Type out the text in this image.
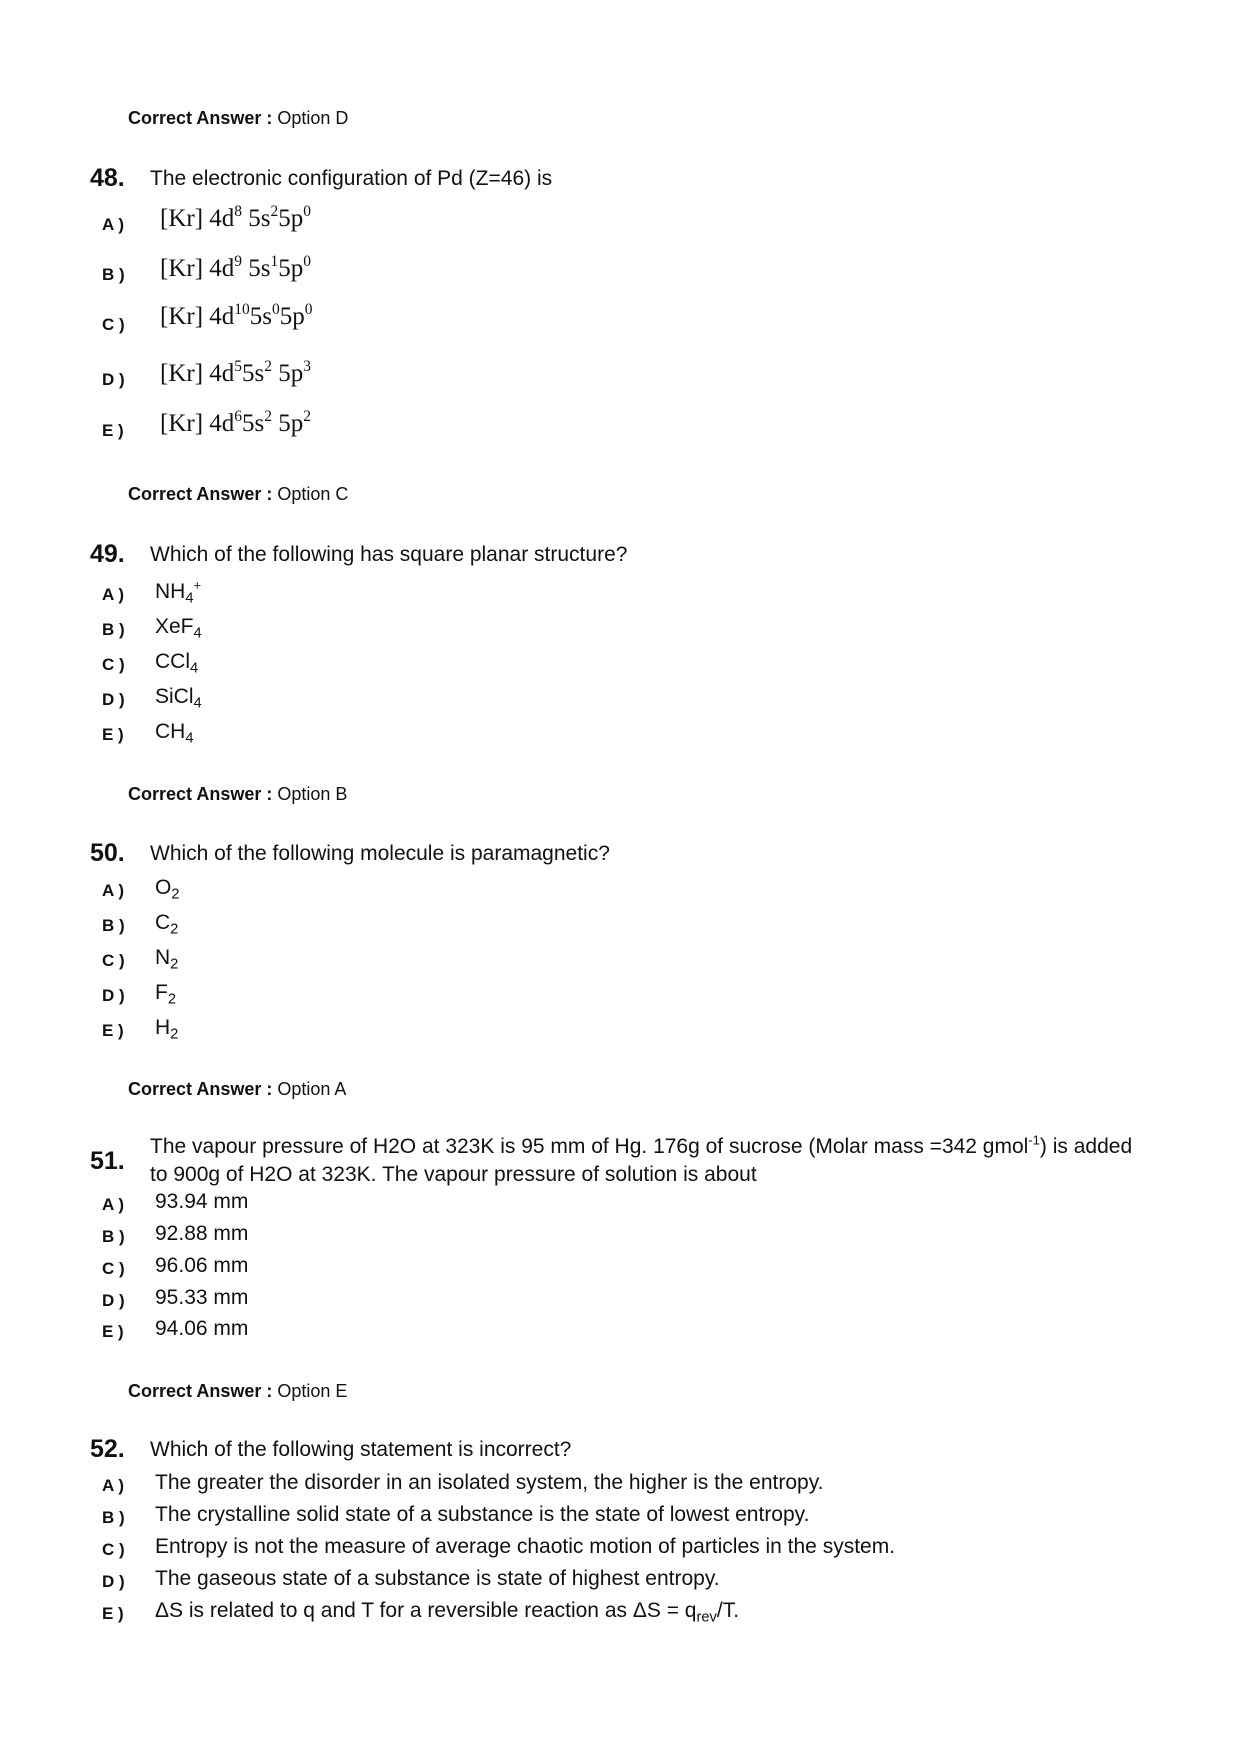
Correct Answer : Option D
48. The electronic configuration of Pd (Z=46) is
A ) [Kr] $4d^8$ $5s^25p^0$
B ) [Kr] $4d^9$ $5s^15p^0$
C ) [Kr] $4d^{10}5s^05p^0$
D ) [Kr] $4d^55s^2$ $5p^3$
E ) [Kr] $4d^65s^2$ $5p^2$
Correct Answer : Option C
49. Which of the following has square planar structure?
A ) $NH_4^+$
B ) XeF$_4$
C ) CCl$_4$
D ) SiCl$_4$
E ) $CH_4$
Correct Answer : Option B
50. Which of the following molecule is paramagnetic?
A ) $O_2$
B ) $C_2$
C ) $N_2$
D ) $F_2$
E ) $H_2$
Correct Answer : Option A
51.
The vapour pressure of H2O at 323K is 95 mm of Hg. 176g of sucrose (Molar mass =342 gmol$^{-1}$) is added to 900g of H2O at 323K. The vapour pressure of solution is about
A ) 93.94 mm
B ) 92.88 mm
C ) 96.06 mm
D ) 95.33 mm
E ) 94.06 mm
Correct Answer : Option E
52. Which of the following statement is incorrect?
A ) The greater the disorder in an isolated system, the higher is the entropy.
B ) The crystalline solid state of a substance is the state of lowest entropy.
C ) Entropy is not the measure of average chaotic motion of particles in the system.
D ) The gaseous state of a substance is state of highest entropy.
E ) ΔS is related to q and T for a reversible reaction as $\Delta S = q_{rev}/T$.
